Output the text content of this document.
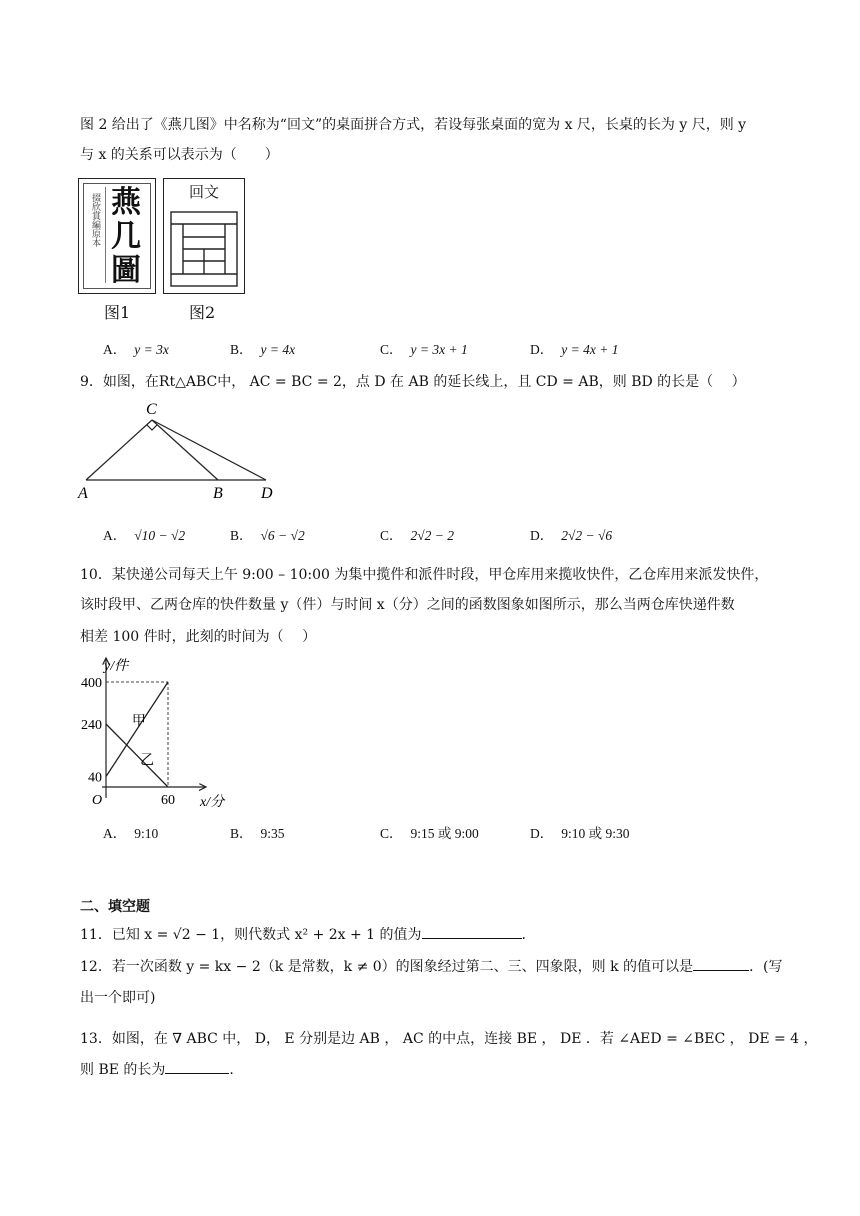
图 2 给出了《燕几图》中名称为“回文”的桌面拼合方式，若设每张桌面的宽为 x 尺，长桌的长为 y 尺，则 y
与 x 的关系可以表示为（　　）
掇欣賞編原本 燕
几
圖
图1
回文
图2
A． y = 3x	B． y = 4x	C． y = 3x + 1	D． y = 4x + 1
9．如图，在Rt△ABC中， AC = BC = 2，点 D 在 AB 的延长线上，且 CD = AB，则 BD 的长是（　 ）
C
A	B D
A． √10 − √2	B． √6 − √2	C． 2√2 − 2	D． 2√2 − √6
10．某快递公司每天上午 9:00 – 10:00 为集中揽件和派件时段，甲仓库用来揽收快件，乙仓库用来派发快件，
该时段甲、乙两仓库的快件数量 y（件）与时间 x（分）之间的函数图象如图所示，那么当两仓库快递件数
相差 100 件时，此刻的时间为（　 ）
y/件
x/分
O
甲
乙
400
240
40
60
A． 9:10	B． 9:35	C． 9:15 或 9:00	D． 9:10 或 9:30
二、填空题
11．已知 x = √2 − 1，则代数式 x² + 2x + 1 的值为	.
12．若一次函数 y = kx − 2（k 是常数，k ≠ 0）的图象经过第二、三、四象限，则 k 的值可以是	．(写
出一个即可)
13．如图，在 ∇ ABC 中， D， E 分别是边 AB ， AC 的中点，连接 BE ， DE ．若 ∠AED = ∠BEC ， DE = 4 ，
则 BE 的长为	.
